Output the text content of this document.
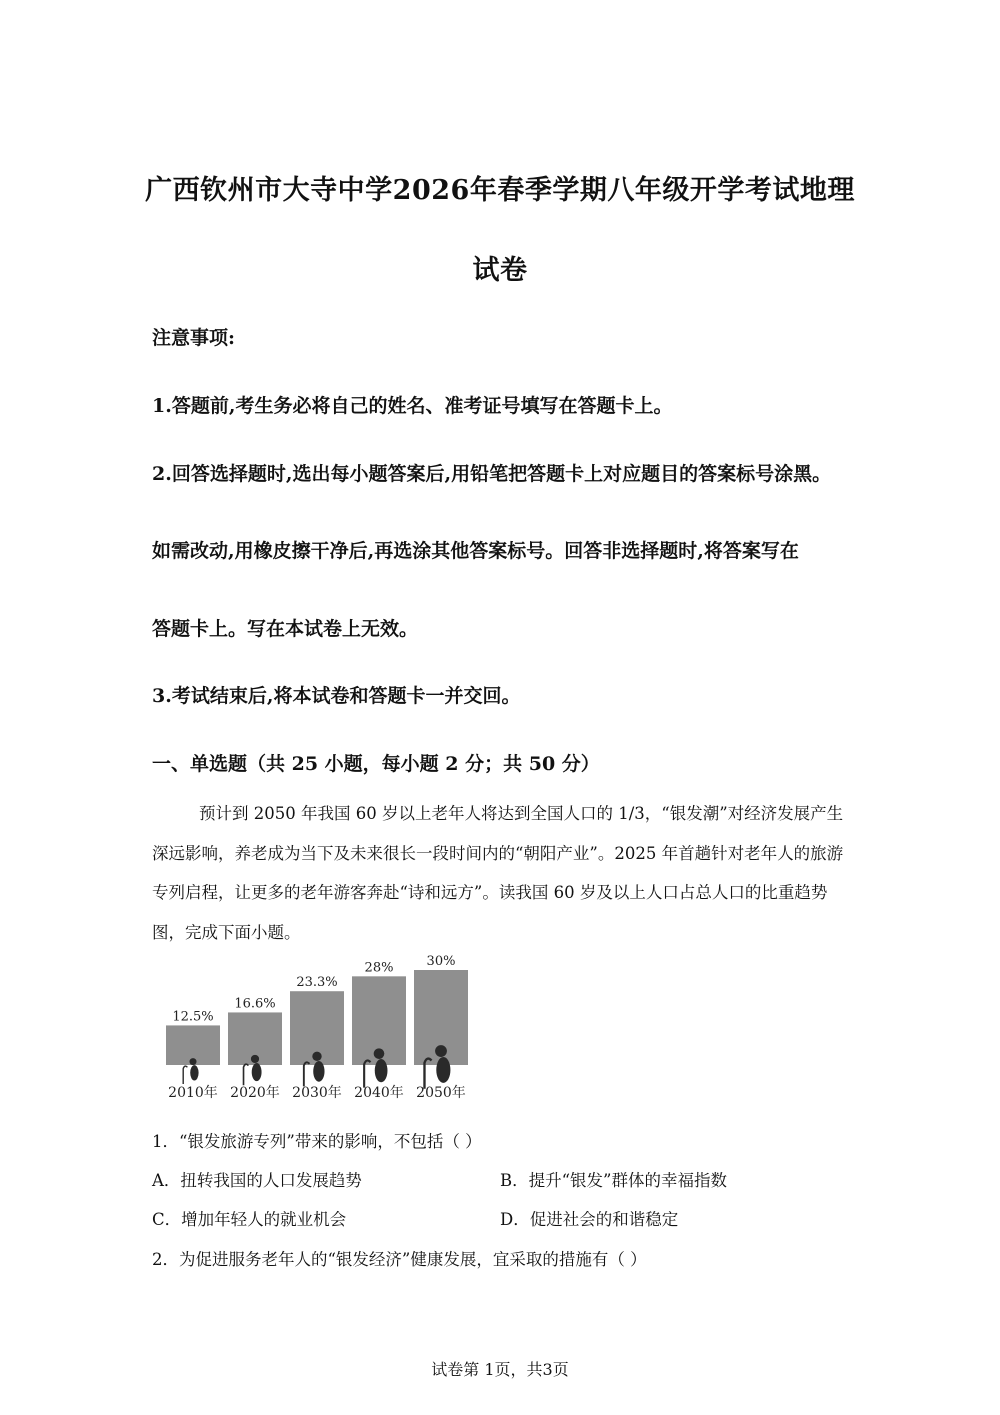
广西钦州市大寺中学2026年春季学期八年级开学考试地理
试卷
注意事项:
1.答题前,考生务必将自己的姓名、准考证号填写在答题卡上。
2.回答选择题时,选出每小题答案后,用铅笔把答题卡上对应题目的答案标号涂黑。
如需改动,用橡皮擦干净后,再选涂其他答案标号。回答非选择题时,将答案写在
答题卡上。写在本试卷上无效。
3.考试结束后,将本试卷和答题卡一并交回。
一、单选题（共 25 小题，每小题 2 分；共 50 分）
预计到 2050 年我国 60 岁以上老年人将达到全国人口的 1/3，“银发潮”对经济发展产生深远影响，养老成为当下及未来很长一段时间内的“朝阳产业”。2025 年首趟针对老年人的旅游专列启程，让更多的老年游客奔赴“诗和远方”。读我国 60 岁及以上人口占总人口的比重趋势图，完成下面小题。
12.5%
2010年
16.6%
2020年
23.3%
2030年
28%
2040年
30%
2050年
1．“银发旅游专列”带来的影响，不包括（ ）
A．扭转我国的人口发展趋势	B．提升“银发”群体的幸福指数
C．增加年轻人的就业机会	D．促进社会的和谐稳定
2．为促进服务老年人的“银发经济”健康发展，宜采取的措施有（ ）
试卷第 1页，共3页
